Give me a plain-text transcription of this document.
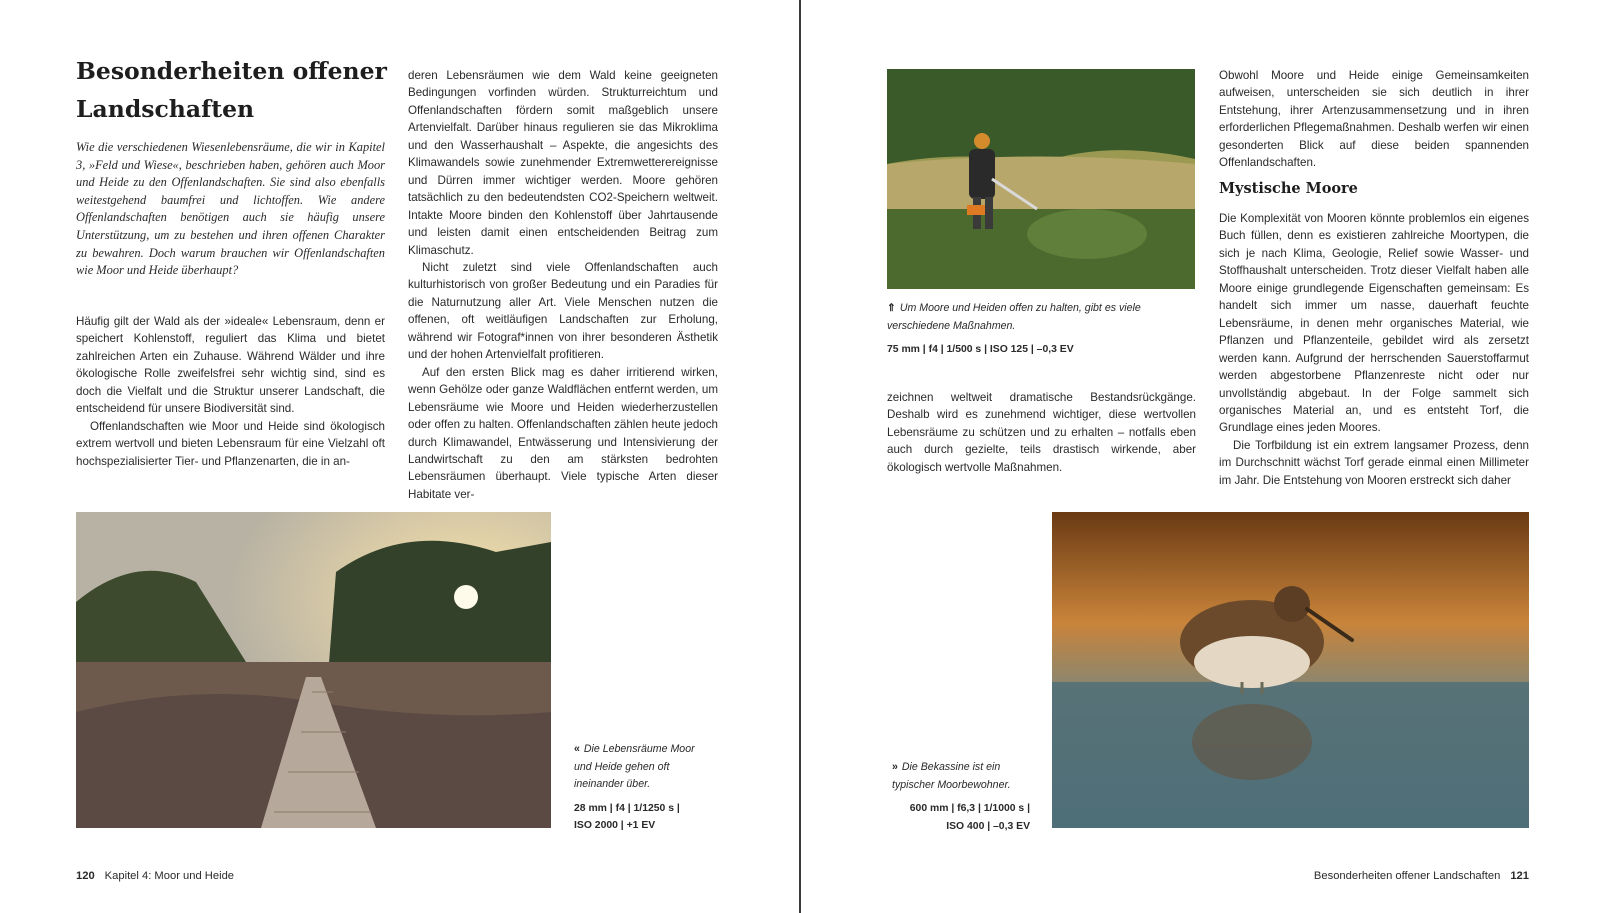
Besonderheiten offener Landschaften

Wie die verschiedenen Wiesenlebensräume, die wir in Kapitel 3, »Feld und Wiese«, beschrieben haben, gehören auch Moor und Heide zu den Offenlandschaften. Sie sind also ebenfalls weitestgehend baumfrei und lichtoffen. Wie andere Offenlandschaften benötigen auch sie häufig unsere Unterstützung, um zu bestehen und ihren offenen Charakter zu bewahren. Doch warum brauchen wir Offenlandschaften wie Moor und Heide überhaupt?

Häufig gilt der Wald als der »ideale« Lebensraum, denn er speichert Kohlenstoff, reguliert das Klima und bietet zahlreichen Arten ein Zuhause. Während Wälder und ihre ökologische Rolle zweifelsfrei sehr wichtig sind, sind es doch die Vielfalt und die Struktur unserer Landschaft, die entscheidend für unsere Biodiversität sind.

Offenlandschaften wie Moor und Heide sind ökologisch extrem wertvoll und bieten Lebensraum für eine Vielzahl oft hochspezialisierter Tier- und Pflanzenarten, die in an-

deren Lebensräumen wie dem Wald keine geeigneten Bedingungen vorfinden würden. Strukturreichtum und Offenlandschaften fördern somit maßgeblich unsere Artenvielfalt. Darüber hinaus regulieren sie das Mikroklima und den Wasserhaushalt – Aspekte, die angesichts des Klimawandels sowie zunehmender Extremwetterereignisse und Dürren immer wichtiger werden. Moore gehören tatsächlich zu den bedeutendsten CO2-Speichern weltweit. Intakte Moore binden den Kohlenstoff über Jahrtausende und leisten damit einen entscheidenden Beitrag zum Klimaschutz.

Nicht zuletzt sind viele Offenlandschaften auch kulturhistorisch von großer Bedeutung und ein Paradies für die Naturnutzung aller Art. Viele Menschen nutzen die offenen, oft weitläufigen Landschaften zur Erholung, während wir Fotograf*innen von ihrer besonderen Ästhetik und der hohen Artenvielfalt profitieren.

Auf den ersten Blick mag es daher irritierend wirken, wenn Gehölze oder ganze Waldflächen entfernt werden, um Lebensräume wie Moore und Heiden wiederherzustellen oder offen zu halten. Offenlandschaften zählen heute jedoch durch Klimawandel, Entwässerung und Intensivierung der Landwirtschaft zu den am stärksten bedrohten Lebensräumen überhaupt. Viele typische Arten dieser Habitate ver-

« Die Lebensräume Moor und Heide gehen oft ineinander über.
28 mm | f4 | 1/1250 s |
ISO 2000 | +1 EV
120 Kapitel 4: Moor und Heide
⇑ Um Moore und Heiden offen zu halten, gibt es viele verschiedene Maßnahmen.
75 mm | f4 | 1/500 s | ISO 125 | –0,3 EV

zeichnen weltweit dramatische Bestandsrückgänge. Deshalb wird es zunehmend wichtiger, diese wertvollen Lebensräume zu schützen und zu erhalten – notfalls eben auch durch gezielte, teils drastisch wirkende, aber ökologisch wertvolle Maßnahmen.

Obwohl Moore und Heide einige Gemeinsamkeiten aufweisen, unterscheiden sie sich deutlich in ihrer Entstehung, ihrer Artenzusammensetzung und in ihren erforderlichen Pflegemaßnahmen. Deshalb werfen wir einen gesonderten Blick auf diese beiden spannenden Offenlandschaften.

Mystische Moore

Die Komplexität von Mooren könnte problemlos ein eigenes Buch füllen, denn es existieren zahlreiche Moortypen, die sich je nach Klima, Geologie, Relief sowie Wasser- und Stoffhaushalt unterscheiden. Trotz dieser Vielfalt haben alle Moore einige grundlegende Eigenschaften gemeinsam: Es handelt sich immer um nasse, dauerhaft feuchte Lebensräume, in denen mehr organisches Material, wie Pflanzen und Pflanzenteile, gebildet wird als zersetzt werden kann. Aufgrund der herrschenden Sauerstoffarmut werden abgestorbene Pflanzenreste nicht oder nur unvollständig abgebaut. In der Folge sammelt sich organisches Material an, und es entsteht Torf, die Grundlage eines jeden Moores.

Die Torfbildung ist ein extrem langsamer Prozess, denn im Durchschnitt wächst Torf gerade einmal einen Millimeter im Jahr. Die Entstehung von Mooren erstreckt sich daher

» Die Bekassine ist ein typischer Moorbewohner.
600 mm | f6,3 | 1/1000 s |
ISO 400 | –0,3 EV
Besonderheiten offener Landschaften 121
